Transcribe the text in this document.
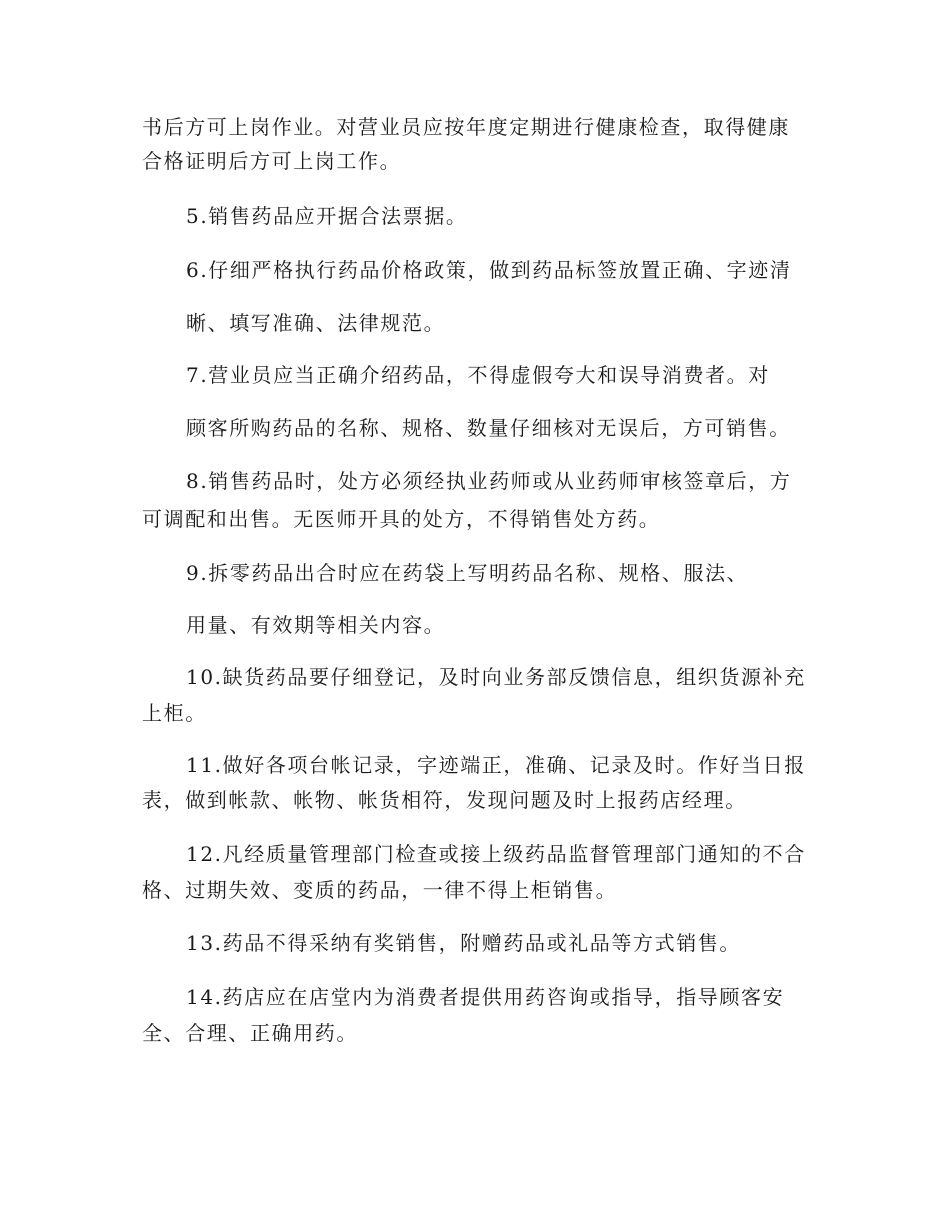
书后方可上岗作业。对营业员应按年度定期进行健康检查，取得健康

合格证明后方可上岗工作。

5.销售药品应开据合法票据。

6.仔细严格执行药品价格政策，做到药品标签放置正确、字迹清

晰、填写准确、法律规范。

7.营业员应当正确介绍药品，不得虚假夸大和误导消费者。对

顾客所购药品的名称、规格、数量仔细核对无误后，方可销售。

8.销售药品时，处方必须经执业药师或从业药师审核签章后，方

可调配和出售。无医师开具的处方，不得销售处方药。

9.拆零药品出合时应在药袋上写明药品名称、规格、服法、

用量、有效期等相关内容。

10.缺货药品要仔细登记，及时向业务部反馈信息，组织货源补充

上柜。

11.做好各项台帐记录，字迹端正，准确、记录及时。作好当日报

表，做到帐款、帐物、帐货相符，发现问题及时上报药店经理。

12.凡经质量管理部门检查或接上级药品监督管理部门通知的不合

格、过期失效、变质的药品，一律不得上柜销售。

13.药品不得采纳有奖销售，附赠药品或礼品等方式销售。

14.药店应在店堂内为消费者提供用药咨询或指导，指导顾客安

全、合理、正确用药。
